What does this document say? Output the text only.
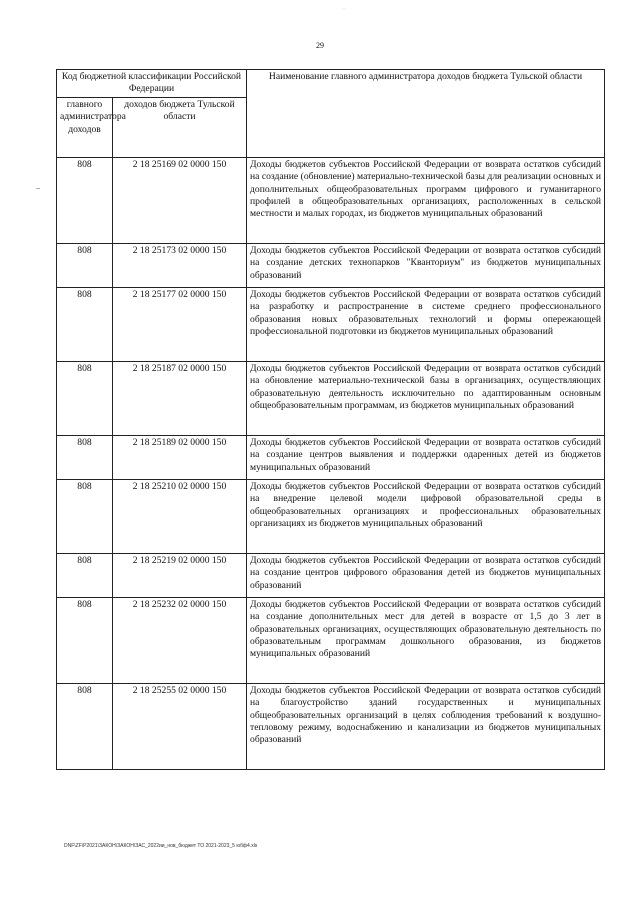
·
29
–
Код бюджетной классификации Российской Федерации		Наименование главного администратора доходов бюджета Тульской области
главного администратора доходов	доходов бюджета Тульской области	
808	2 18 25169 02 0000 150	Доходы бюджетов субъектов Российской Федерации от возврата остатков субсидий на создание (обновление) материально-технической базы для реализации основных и дополнительных общеобразовательных программ цифрового и гуманитарного профилей в общеобразовательных организациях, расположенных в сельской местности и малых городах, из бюджетов муниципальных образований
808	2 18 25173 02 0000 150	Доходы бюджетов субъектов Российской Федерации от возврата остатков субсидий на создание детских технопарков "Кванториум" из бюджетов муниципальных образований
808	2 18 25177 02 0000 150	Доходы бюджетов субъектов Российской Федерации от возврата остатков субсидий на разработку и распространение в системе среднего профессионального образования новых образовательных технологий и формы опережающей профессиональной подготовки из бюджетов муниципальных образований
808	2 18 25187 02 0000 150	Доходы бюджетов субъектов Российской Федерации от возврата остатков субсидий на обновление материально-технической базы в организациях, осуществляющих образовательную деятельность исключительно по адаптированным основным общеобразовательным программам, из бюджетов муниципальных образований
808	2 18 25189 02 0000 150	Доходы бюджетов субъектов Российской Федерации от возврата остатков субсидий на создание центров выявления и поддержки одаренных детей из бюджетов муниципальных образований
808	2 18 25210 02 0000 150	Доходы бюджетов субъектов Российской Федерации от возврата остатков субсидий на внедрение целевой модели цифровой образовательной среды в общеобразовательных организациях и профессиональных образовательных организациях из бюджетов муниципальных образований
808	2 18 25219 02 0000 150	Доходы бюджетов субъектов Российской Федерации от возврата остатков субсидий на создание центров цифрового образования детей из бюджетов муниципальных образований
808	2 18 25232 02 0000 150	Доходы бюджетов субъектов Российской Федерации от возврата остатков субсидий на создание дополнительных мест для детей в возрасте от 1,5 до 3 лет в образовательных организациях, осуществляющих образовательную деятельность по образовательным программам дошкольного образования, из бюджетов муниципальных образований
808	2 18 25255 02 0000 150	Доходы бюджетов субъектов Российской Федерации от возврата остатков субсидий на благоустройство зданий государственных и муниципальных общеобразовательных организаций в целях соблюдения требований к воздушно-тепловому режиму, водоснабжению и канализации из бюджетов муниципальных образований
DNF\ZF\P2021\ЗАКОН\ЗАКОН\ЗАС_2022ии_нов_бюджет ТО 2021-2023_5 юбф4.xls
